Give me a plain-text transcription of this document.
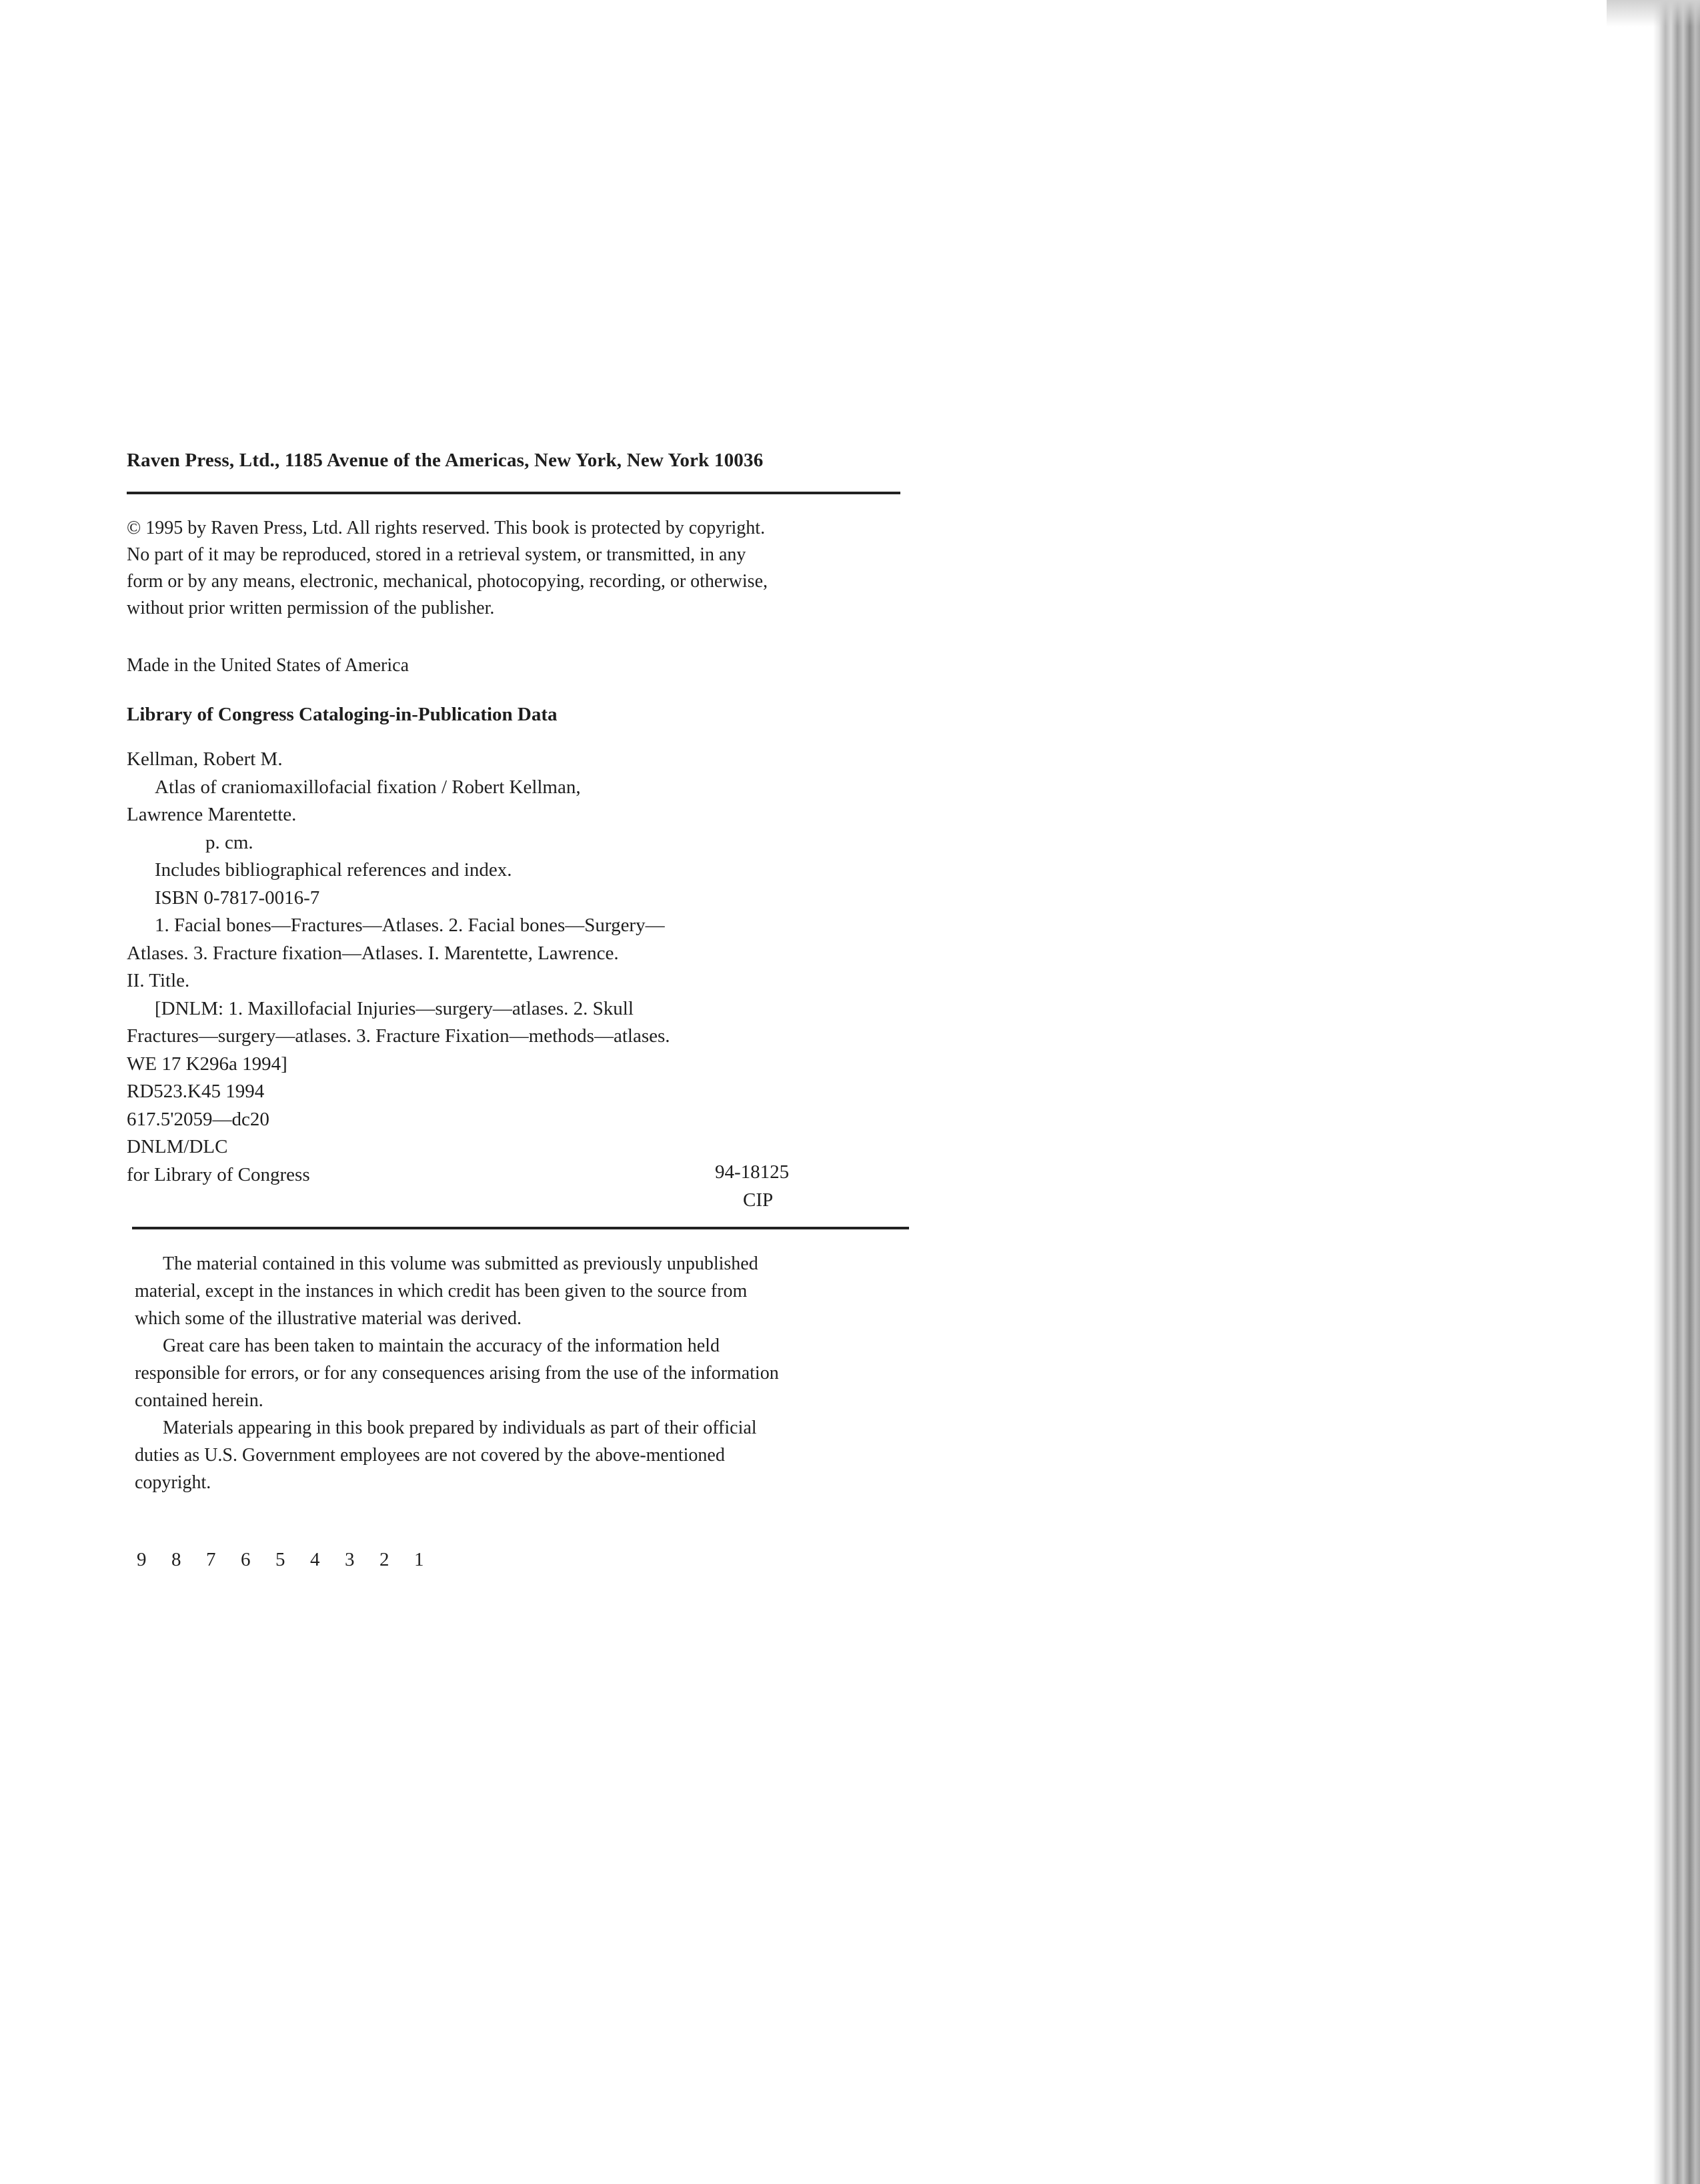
Raven Press, Ltd., 1185 Avenue of the Americas, New York, New York 10036
© 1995 by Raven Press, Ltd. All rights reserved. This book is protected by copyright.
No part of it may be reproduced, stored in a retrieval system, or transmitted, in any
form or by any means, electronic, mechanical, photocopying, recording, or otherwise,
without prior written permission of the publisher.
Made in the United States of America
Library of Congress Cataloging-in-Publication Data
Kellman, Robert M.
Atlas of craniomaxillofacial fixation / Robert Kellman,
Lawrence Marentette.
p. cm.
Includes bibliographical references and index.
ISBN 0-7817-0016-7
1. Facial bones—Fractures—Atlases. 2. Facial bones—Surgery—
Atlases. 3. Fracture fixation—Atlases. I. Marentette, Lawrence.
II. Title.
[DNLM: 1. Maxillofacial Injuries—surgery—atlases. 2. Skull
Fractures—surgery—atlases. 3. Fracture Fixation—methods—atlases.
WE 17 K296a 1994]
RD523.K45 1994
617.5'2059—dc20
DNLM/DLC
for Library of Congress	94-18125
CIP
The material contained in this volume was submitted as previously unpublished
material, except in the instances in which credit has been given to the source from
which some of the illustrative material was derived.
Great care has been taken to maintain the accuracy of the information held
responsible for errors, or for any consequences arising from the use of the information
contained herein.
Materials appearing in this book prepared by individuals as part of their official
duties as U.S. Government employees are not covered by the above-mentioned
copyright.
9 8 7 6 5 4 3 2 1
